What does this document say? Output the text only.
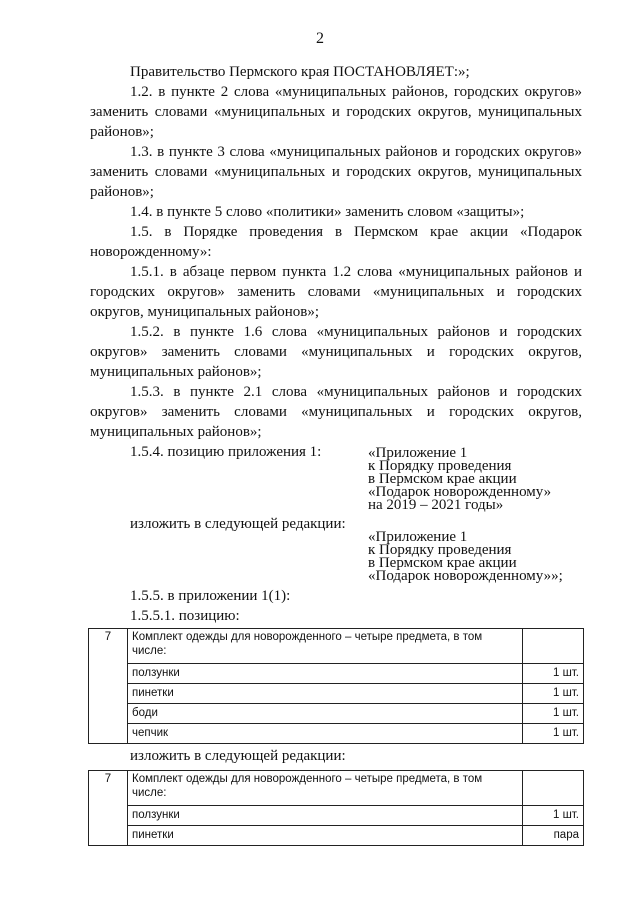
2

Правительство Пермского края ПОСТАНОВЛЯЕТ:»;

1.2. в пункте 2 слова «муниципальных районов, городских округов» заменить словами «муниципальных и городских округов, муниципальных районов»;

1.3. в пункте 3 слова «муниципальных районов и городских округов» заменить словами «муниципальных и городских округов, муниципальных районов»;

1.4. в пункте 5 слово «политики» заменить словом «защиты»;

1.5. в Порядке проведения в Пермском крае акции «Подарок новорожденному»:

1.5.1. в абзаце первом пункта 1.2 слова «муниципальных районов и городских округов» заменить словами «муниципальных и городских округов, муниципальных районов»;

1.5.2. в пункте 1.6 слова «муниципальных районов и городских округов» заменить словами «муниципальных и городских округов, муниципальных районов»;

1.5.3. в пункте 2.1 слова «муниципальных районов и городских округов» заменить словами «муниципальных и городских округов, муниципальных районов»;

1.5.4. позицию приложения 1:	«Приложение 1
к Порядку проведения
в Пермском крае акции
«Подарок новорожденному»
на 2019 – 2021 годы»
изложить в следующей редакции:
«Приложение 1
к Порядку проведения
в Пермском крае акции
«Подарок новорожденному»»;
1.5.5. в приложении 1(1):
1.5.5.1. позицию:
7	Комплект одежды для новорожденного – четыре предмета, в том числе:	
	ползунки	1 шт.
	пинетки	1 шт.
	боди	1 шт.
	чепчик	1 шт.
изложить в следующей редакции:
7	Комплект одежды для новорожденного – четыре предмета, в том числе:	
	ползунки	1 шт.
	пинетки	пара
